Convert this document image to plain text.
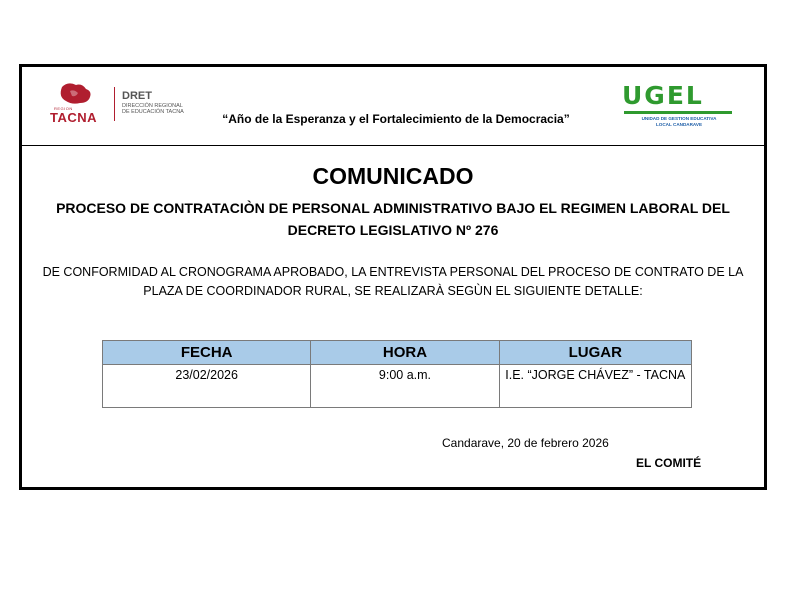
REGION
TACNA
DRET
DIRECCIÓN REGIONAL
DE EDUCACIÓN TACNA	“Año de la Esperanza y el Fortalecimiento de la Democracia”
UGEL
UNIDAD DE GESTION EDUCATIVA
LOCAL CANDARAVE
COMUNICADO
PROCESO DE CONTRATACIÒN DE PERSONAL ADMINISTRATIVO BAJO EL REGIMEN LABORAL DEL
DECRETO LEGISLATIVO Nº 276
DE CONFORMIDAD AL CRONOGRAMA APROBADO, LA ENTREVISTA PERSONAL DEL PROCESO DE CONTRATO DE LA
PLAZA DE COORDINADOR RURAL, SE REALIZARÀ SEGÙN EL SIGUIENTE DETALLE:
FECHA	HORA	LUGAR
23/02/2026	9:00 a.m.	I.E. “JORGE CHÁVEZ” - TACNA
Candarave, 20 de febrero 2026
EL COMITÉ
